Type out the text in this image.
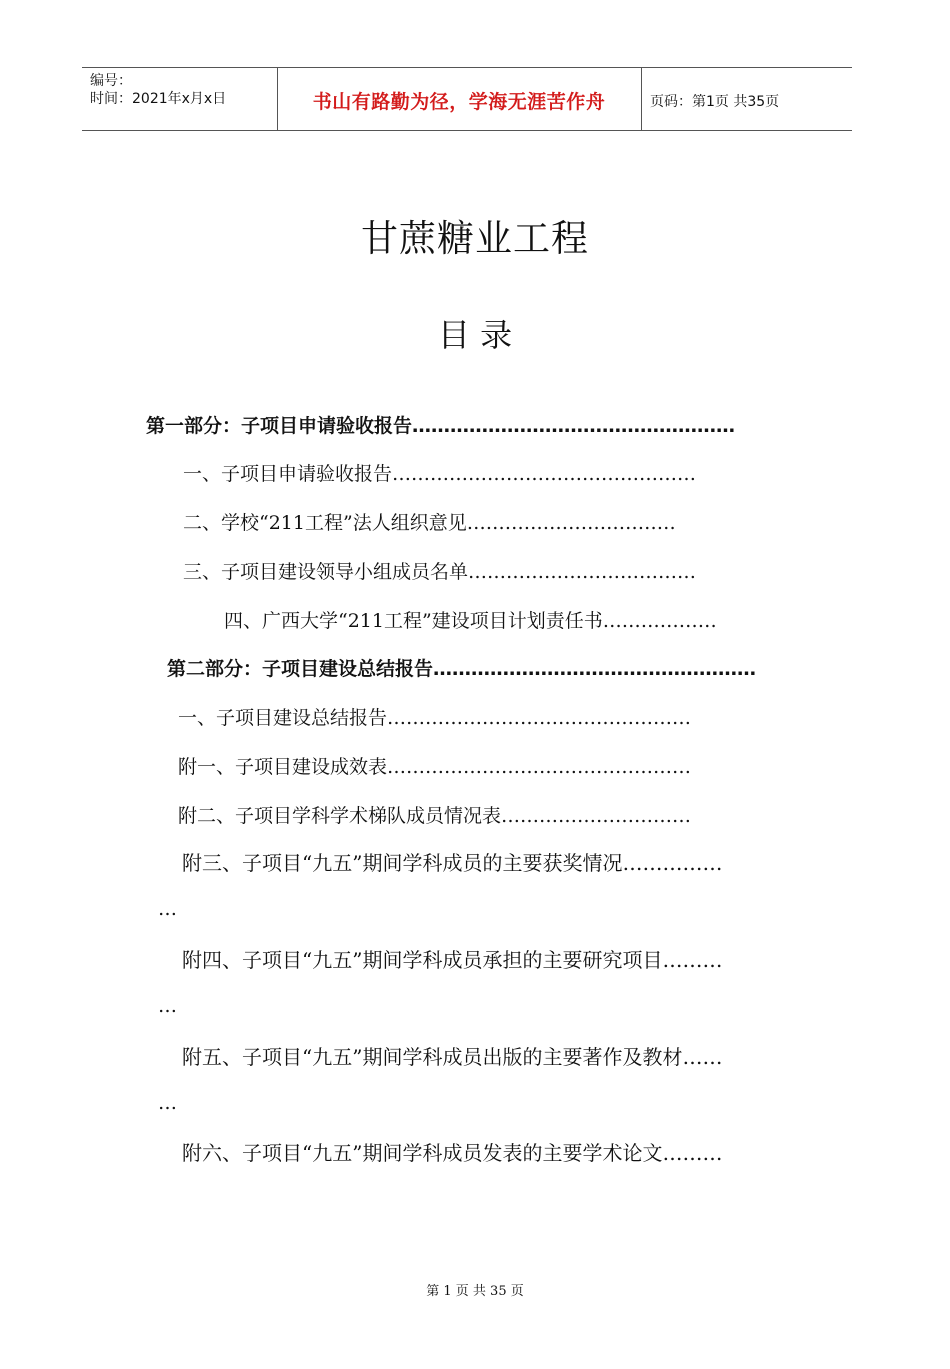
编号：
时间：2021年x月x日	书山有路勤为径，学海无涯苦作舟	页码：第1页 共35页
甘蔗糖业工程
目 录
第一部分：子项目申请验收报告……………………………………………
一、子项目申请验收报告…………………………………………
二、学校“211工程”法人组织意见……………………………
三、子项目建设领导小组成员名单………………………………
四、广西大学“211工程”建设项目计划责任书………………
第二部分：子项目建设总结报告……………………………………………
一、子项目建设总结报告…………………………………………
附一、子项目建设成效表…………………………………………
附二、子项目学科学术梯队成员情况表…………………………
附三、子项目“九五”期间学科成员的主要获奖情况……………
…
附四、子项目“九五”期间学科成员承担的主要研究项目………
…
附五、子项目“九五”期间学科成员出版的主要著作及教材……
…
附六、子项目“九五”期间学科成员发表的主要学术论文………
第 1 页 共 35 页
